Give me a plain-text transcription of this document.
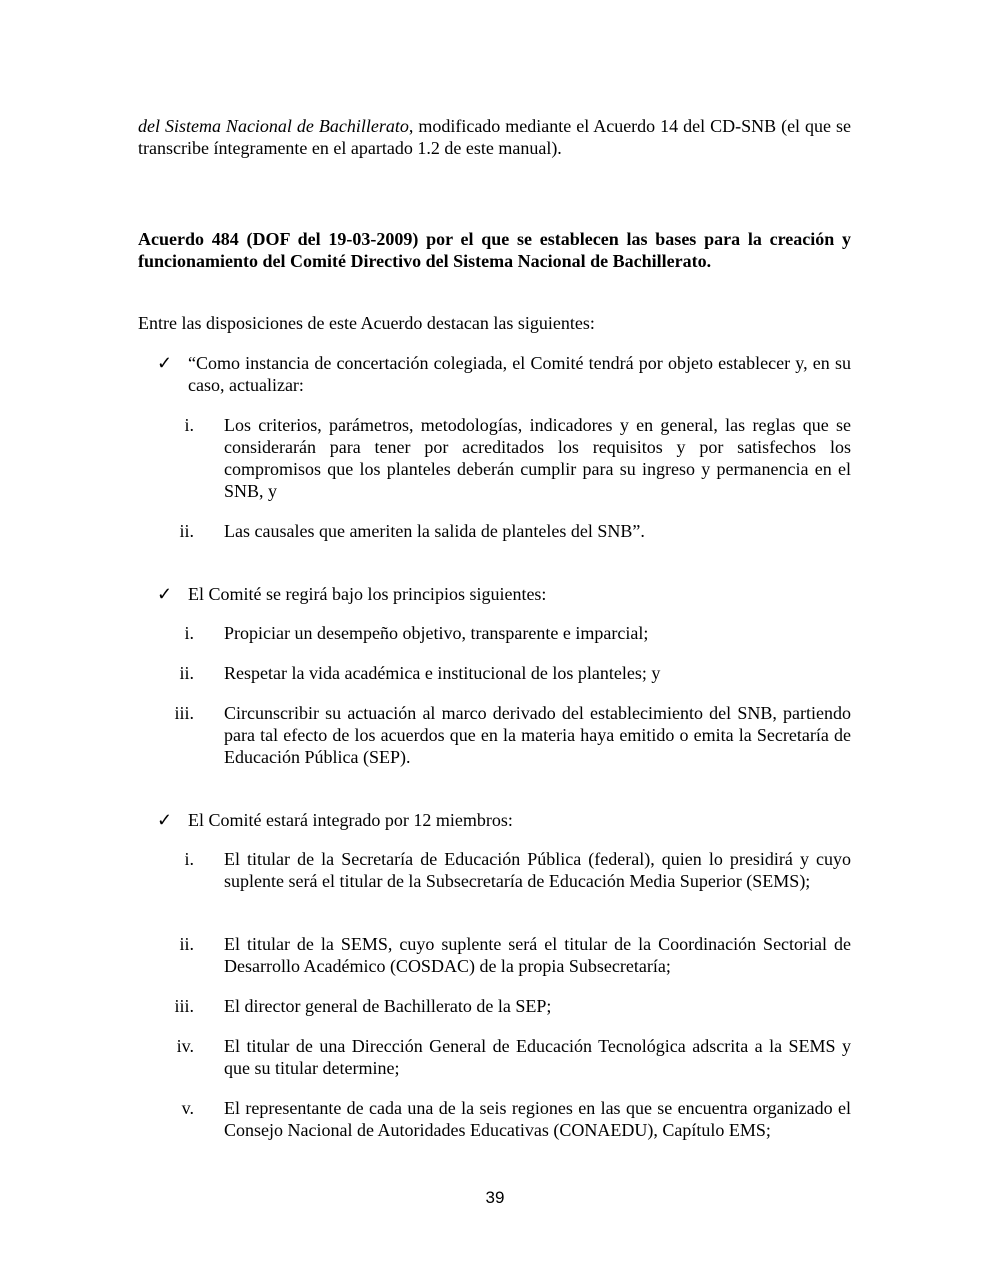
del Sistema Nacional de Bachillerato, modificado mediante el Acuerdo 14 del CD-SNB (el que se transcribe íntegramente en el apartado 1.2 de este manual).
Acuerdo 484 (DOF del 19-03-2009) por el que se establecen las bases para la creación y funcionamiento del Comité Directivo del Sistema Nacional de Bachillerato.
Entre las disposiciones de este Acuerdo destacan las siguientes:
✓ “Como instancia de concertación colegiada, el Comité tendrá por objeto establecer y, en su caso, actualizar:
i. Los criterios, parámetros, metodologías, indicadores y en general, las reglas que se considerarán para tener por acreditados los requisitos y por satisfechos los compromisos que los planteles deberán cumplir para su ingreso y permanencia en el SNB, y
ii. Las causales que ameriten la salida de planteles del SNB”.
✓ El Comité se regirá bajo los principios siguientes:
i. Propiciar un desempeño objetivo, transparente e imparcial;
ii. Respetar la vida académica e institucional de los planteles; y
iii. Circunscribir su actuación al marco derivado del establecimiento del SNB, partiendo para tal efecto de los acuerdos que en la materia haya emitido o emita la Secretaría de Educación Pública (SEP).
✓ El Comité estará integrado por 12 miembros:
i. El titular de la Secretaría de Educación Pública (federal), quien lo presidirá y cuyo suplente será el titular de la Subsecretaría de Educación Media Superior (SEMS);
ii. El titular de la SEMS, cuyo suplente será el titular de la Coordinación Sectorial de Desarrollo Académico (COSDAC) de la propia Subsecretaría;
iii. El director general de Bachillerato de la SEP;
iv. El titular de una Dirección General de Educación Tecnológica adscrita a la SEMS y que su titular determine;
v. El representante de cada una de la seis regiones en las que se encuentra organizado el Consejo Nacional de Autoridades Educativas (CONAEDU), Capítulo EMS;
39
